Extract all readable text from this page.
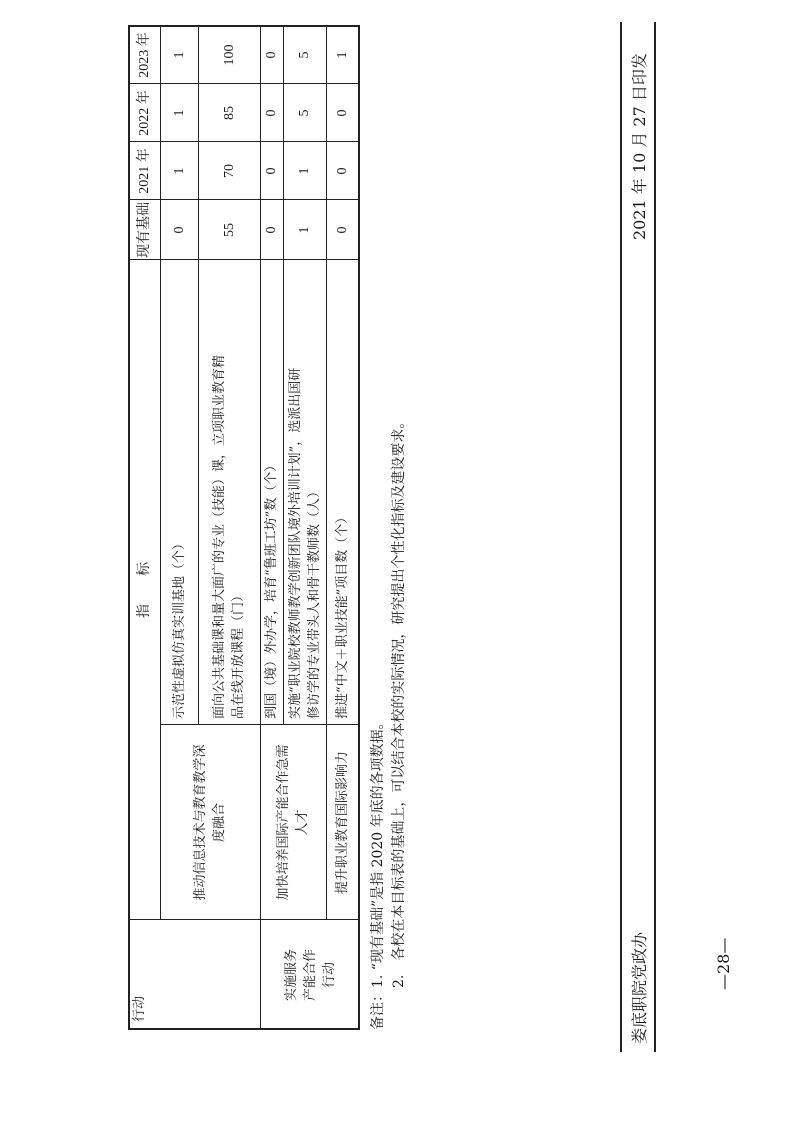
指　　标
现有基础
2021 年
2022 年
2023 年
行动
推动信息技术与教育教学深 度融合
实施服务 产能合作 行动
加快培养国际产能合作急需 人才	提升职业教育国际影响力
示范性虚拟仿真实训基地（个）
0
1
1
1
面向公共基础课和量大面广的专业（技能）课，立项职业教育精 品在线开放课程（门）
55
70
85
100
到国（境）外办学，培育“鲁班工坊”数（个）
0
0
0
0
实施“职业院校教师教学创新团队境外培训计划”，选派出国研 修访学的专业带头人和骨干教师数（人）
1
1
5
5
推进“中文＋职业技能”项目数（个）
0
0
0
1
备注：1. “现有基础”是指 2020 年底的各项数据。 2.　各校在本目标表的基础上，可以结合本校的实际情况，研究提出个性化指标及建设要求。	娄底职院党政办
2021 年 10 月 27 日印发
—28—
